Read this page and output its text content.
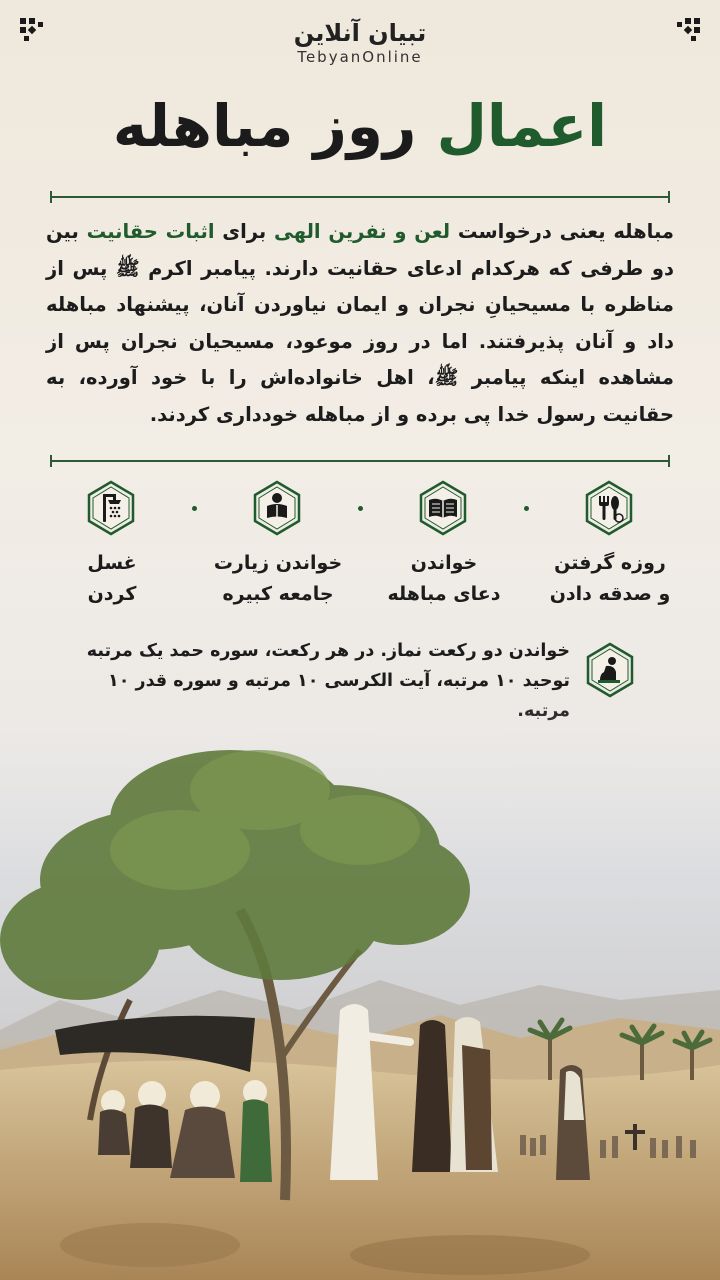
تبیان آنلاین
TebyanOnline
اعمال روز مباهله

مباهله یعنی درخواست لعن و نفرین الهی برای اثبات حقانیت بین دو طرفی که هرکدام ادعای حقانیت دارند. پیامبر اکرم ﷺ پس از مناظره با مسیحیانِ نجران و ایمان نیاوردن آنان، پیشنهاد مباهله داد و آنان پذیرفتند. اما در روز موعود، مسیحیان نجران پس از مشاهده اینکه پیامبر ﷺ، اهل خانواده‌اش را با خود آورده، به حقانیت رسول خدا پی برده و از مباهله خودداری کردند.

روزه گرفتن
و صدقه دادن
خواندن
دعای مباهله
خواندن زیارت
جامعه کبیره
غسل
کردن

خواندن دو رکعت نماز. در هر رکعت، سوره حمد یک مرتبه توحید ۱۰ مرتبه، آیت الکرسی ۱۰ مرتبه و سوره قدر ۱۰
